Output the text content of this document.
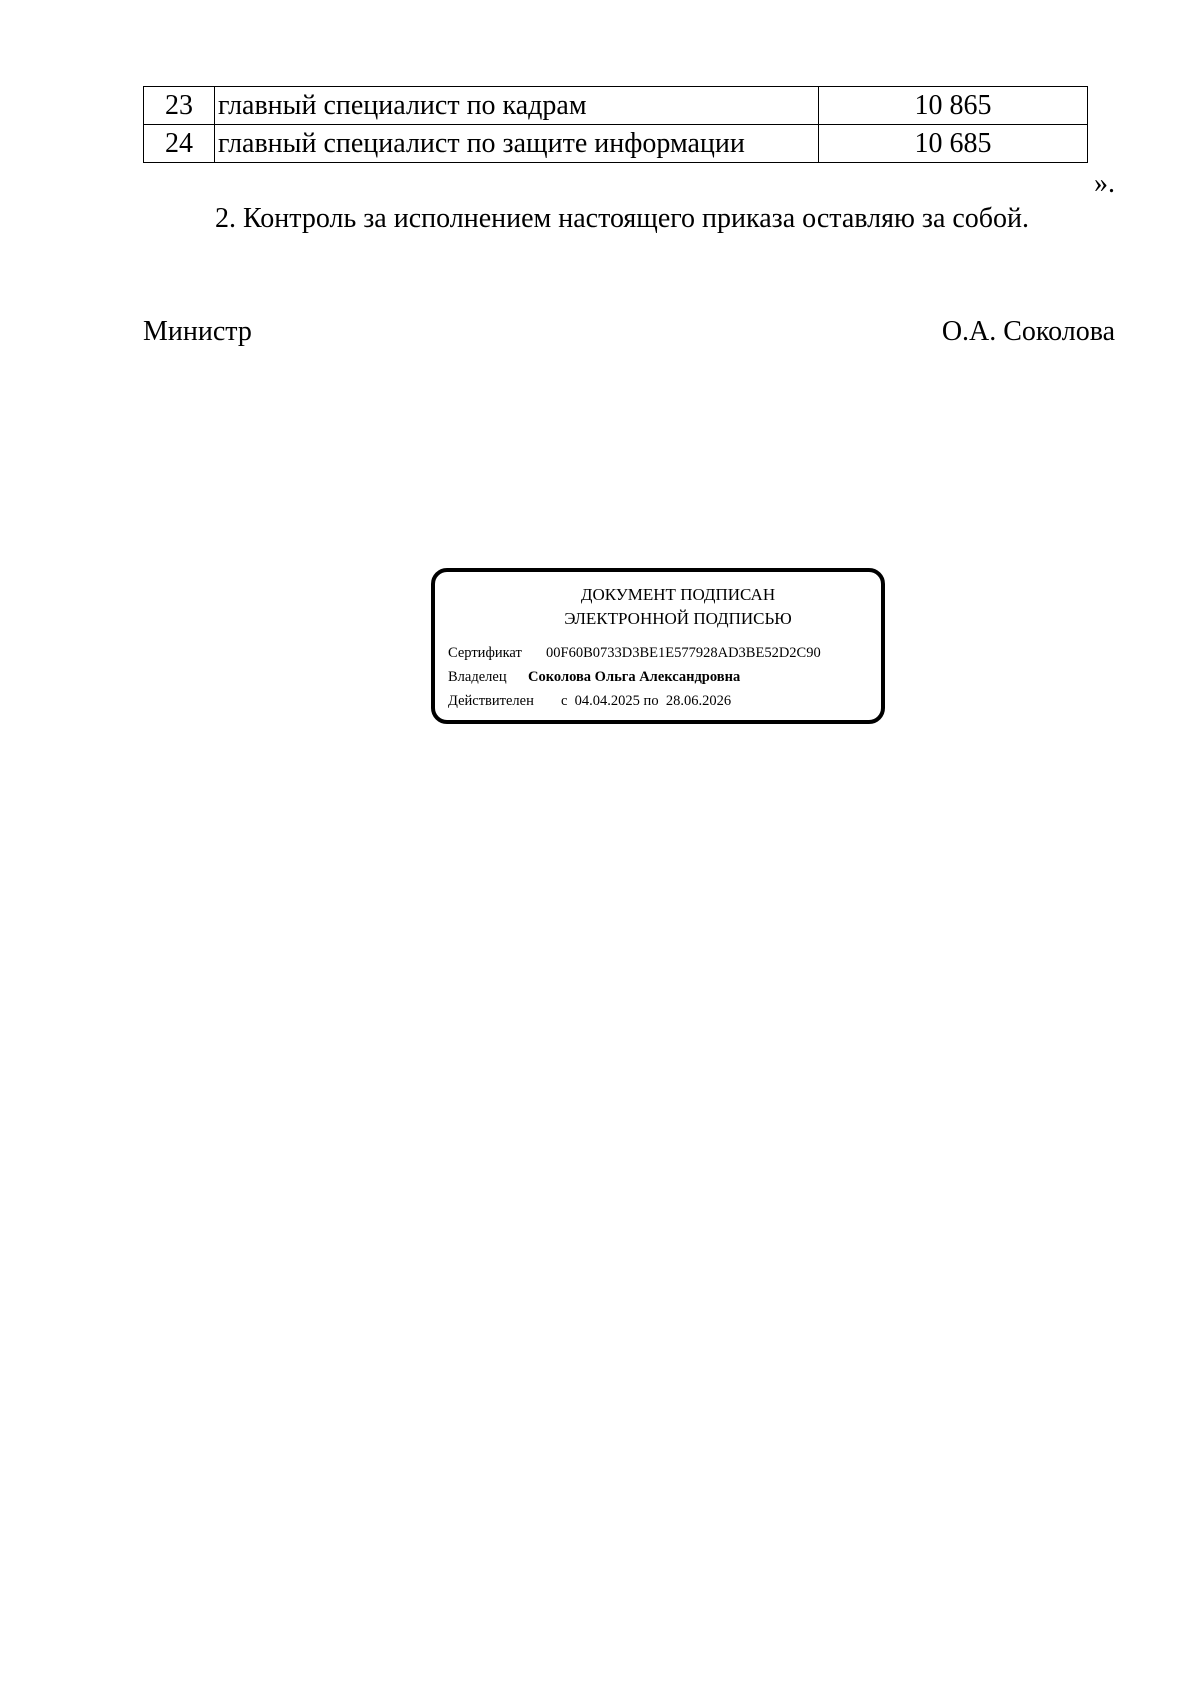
23	главный специалист по кадрам	10 865
24	главный специалист по защите информации	10 685
».
2. Контроль за исполнением настоящего приказа оставляю за собой.
Министр	О.А. Соколова
ДОКУМЕНТ ПОДПИСАН
ЭЛЕКТРОННОЙ ПОДПИСЬЮ
Сертификат 00F60B0733D3BE1E577928AD3BE52D2C90
Владелец Соколова Ольга Александровна
Действителен с  04.04.2025 по  28.06.2026
